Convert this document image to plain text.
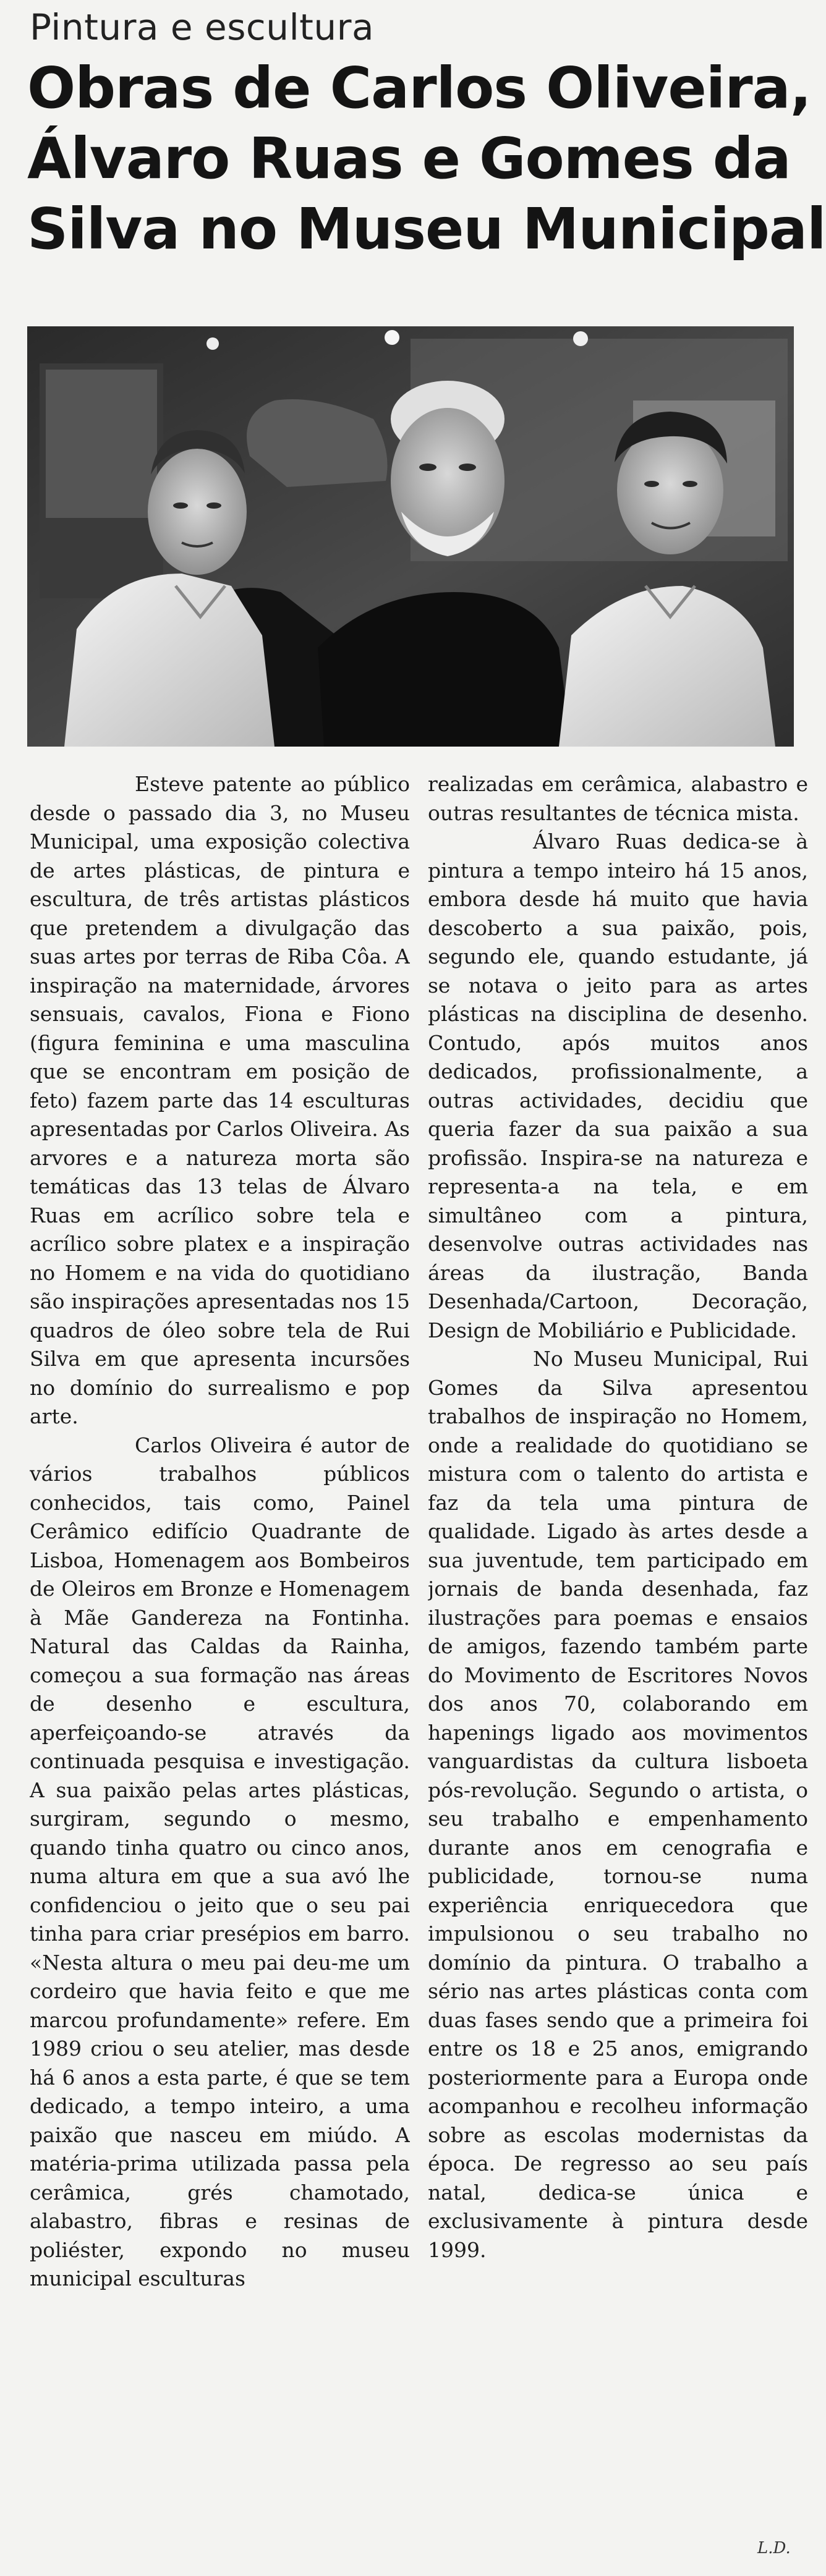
Pintura e escultura
Obras de Carlos Oliveira,
Álvaro Ruas e Gomes da
Silva no Museu Municipal

Esteve patente ao público desde o passado dia 3, no Museu Municipal, uma exposição colectiva de artes plásticas, de pintura e escultura, de três artistas plásticos que pretendem a divulgação das suas artes por terras de Riba Côa. A inspiração na maternidade, árvores sensuais, cavalos, Fiona e Fiono (figura feminina e uma masculina que se encontram em posição de feto) fazem parte das 14 esculturas apresentadas por Carlos Oliveira. As arvores e a natureza morta são temáticas das 13 telas de Álvaro Ruas em acrílico sobre tela e acrílico sobre platex e a inspiração no Homem e na vida do quotidiano são inspirações apresentadas nos 15 quadros de óleo sobre tela de Rui Silva em que apresenta incursões no domínio do surrealismo e pop arte.

Carlos Oliveira é autor de vários trabalhos públicos conhecidos, tais como, Painel Cerâmico edifício Quadrante de Lisboa, Homenagem aos Bombeiros de Oleiros em Bronze e Homenagem à Mãe Gandereza na Fontinha. Natural das Caldas da Rainha, começou a sua formação nas áreas de desenho e escultura, aperfeiçoando-se através da continuada pesquisa e investigação. A sua paixão pelas artes plásticas, surgiram, segundo o mesmo, quando tinha quatro ou cinco anos, numa altura em que a sua avó lhe confidenciou o jeito que o seu pai tinha para criar presépios em barro. «Nesta altura o meu pai deu-me um cordeiro que havia feito e que me marcou profundamente» refere. Em 1989 criou o seu atelier, mas desde há 6 anos a esta parte, é que se tem dedicado, a tempo inteiro, a uma paixão que nasceu em miúdo. A matéria-prima utilizada passa pela cerâmica, grés chamotado, alabastro, fibras e resinas de poliéster, expondo no museu municipal esculturas

realizadas em cerâmica, alabastro e outras resultantes de técnica mista.

Álvaro Ruas dedica-se à pintura a tempo inteiro há 15 anos, embora desde há muito que havia descoberto a sua paixão, pois, segundo ele, quando estudante, já se notava o jeito para as artes plásticas na disciplina de desenho. Contudo, após muitos anos dedicados, profissionalmente, a outras actividades, decidiu que queria fazer da sua paixão a sua profissão. Inspira-se na natureza e representa-a na tela, e em simultâneo com a pintura, desenvolve outras actividades nas áreas da ilustração, Banda Desenhada/Cartoon, Decoração, Design de Mobiliário e Publicidade.

No Museu Municipal, Rui Gomes da Silva apresentou trabalhos de inspiração no Homem, onde a realidade do quotidiano se mistura com o talento do artista e faz da tela uma pintura de qualidade. Ligado às artes desde a sua juventude, tem participado em jornais de banda desenhada, faz ilustrações para poemas e ensaios de amigos, fazendo também parte do Movimento de Escritores Novos dos anos 70, colaborando em hapenings ligado aos movimentos vanguardistas da cultura lisboeta pós-revolução. Segundo o artista, o seu trabalho e empenhamento durante anos em cenografia e publicidade, tornou-se numa experiência enriquecedora que impulsionou o seu trabalho no domínio da pintura. O trabalho a sério nas artes plásticas conta com duas fases sendo que a primeira foi entre os 18 e 25 anos, emigrando posteriormente para a Europa onde acompanhou e recolheu informação sobre as escolas modernistas da época. De regresso ao seu país natal, dedica-se única e exclusivamente à pintura desde 1999.

L.D.
